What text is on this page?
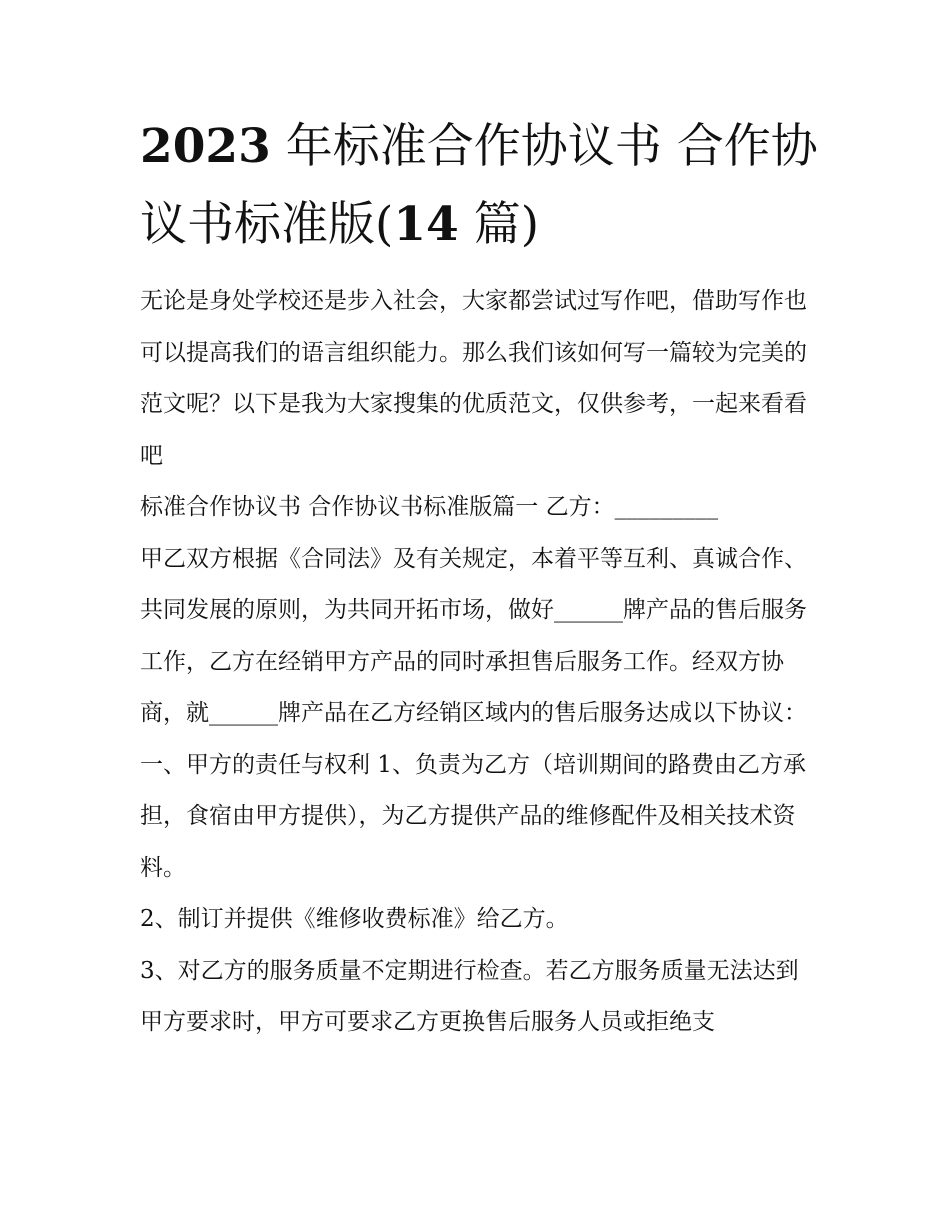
2023 年标准合作协议书 合作协议书标准版(14 篇)

无论是身处学校还是步入社会，大家都尝试过写作吧，借助写作也可以提高我们的语言组织能力。那么我们该如何写一篇较为完美的范文呢？以下是我为大家搜集的优质范文，仅供参考，一起来看看吧

标准合作协议书 合作协议书标准版篇一 乙方：_________

甲乙双方根据《合同法》及有关规定，本着平等互利、真诚合作、共同发展的原则，为共同开拓市场，做好______牌产品的售后服务工作，乙方在经销甲方产品的同时承担售后服务工作。经双方协商，就______牌产品在乙方经销区域内的售后服务达成以下协议：

一、甲方的责任与权利 1、负责为乙方（培训期间的路费由乙方承担，食宿由甲方提供），为乙方提供产品的维修配件及相关技术资料。

2、制订并提供《维修收费标准》给乙方。

3、对乙方的服务质量不定期进行检查。若乙方服务质量无法达到甲方要求时，甲方可要求乙方更换售后服务人员或拒绝支
